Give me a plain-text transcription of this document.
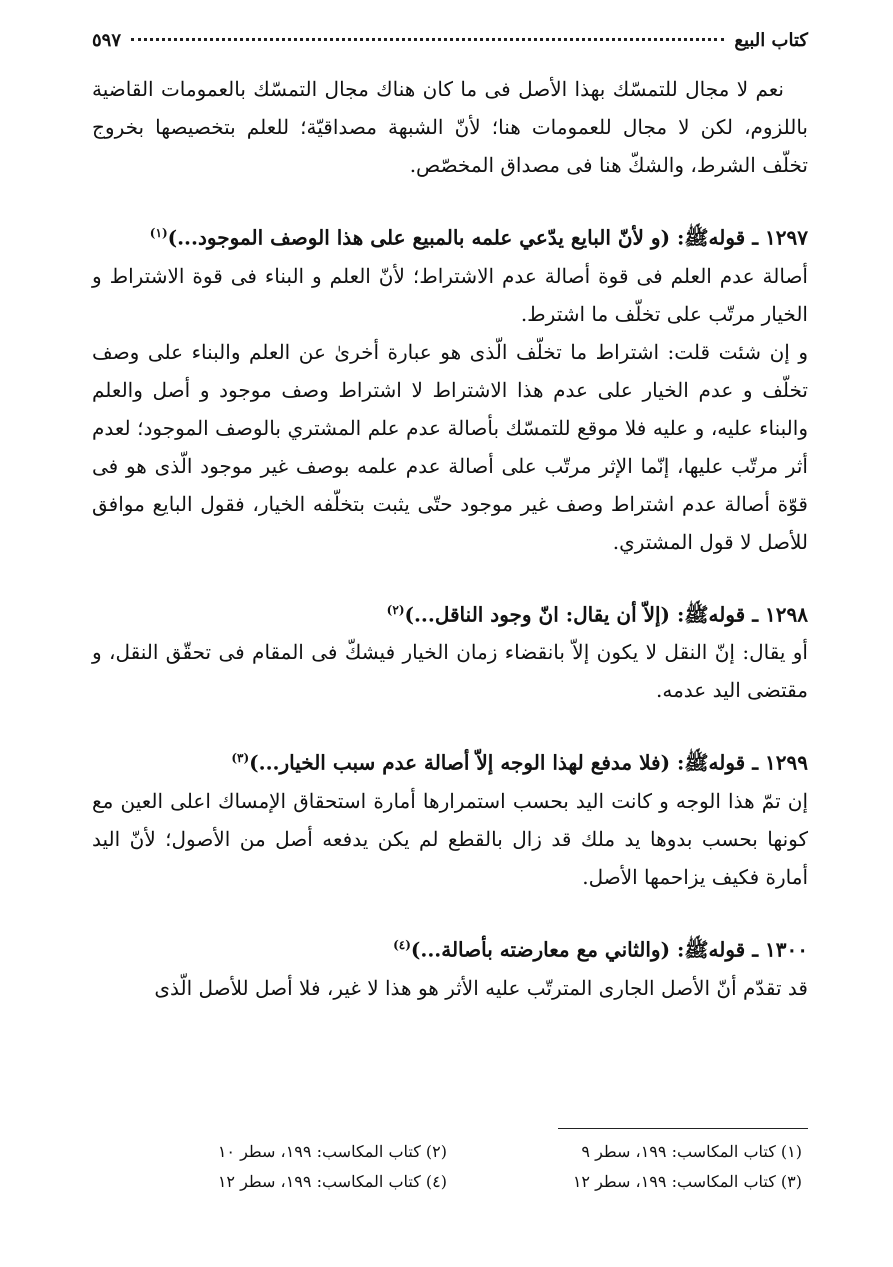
كتاب البيع
٥٩٧

نعم لا مجال للتمسّك بهذا الأصل فى ما كان هناك مجال التمسّك بالعمومات القاضية باللزوم، لكن لا مجال للعمومات هنا؛ لأنّ الشبهة مصداقيّة؛ للعلم بتخصيصها بخروج تخلّف الشرط، والشكّ هنا فى مصداق المخصّص.

١٢٩٧ ـ قولهﷺ: (و لأنّ البايع يدّعي علمه بالمبيع على هذا الوصف الموجود...)$^{(١)}$

أصالة عدم العلم فى قوة أصالة عدم الاشتراط؛ لأنّ العلم و البناء فى قوة الاشتراط و الخيار مرتّب على تخلّف ما اشترط.

و إن شئت قلت: اشتراط ما تخلّف الّذى هو عبارة أخرىٰ عن العلم والبناء على وصف تخلّف و عدم الخيار على عدم هذا الاشتراط لا اشتراط وصف موجود و أصل والعلم والبناء عليه، و عليه فلا موقع للتمسّك بأصالة عدم علم المشتري بالوصف الموجود؛ لعدم أثر مرتّب عليها، إنّما الإثر مرتّب على أصالة عدم علمه بوصف غير موجود الّذى هو فى قوّة أصالة عدم اشتراط وصف غير موجود حتّى يثبت بتخلّفه الخيار، فقول البايع موافق للأصل لا قول المشتري.

١٢٩٨ ـ قولهﷺ: (إلاّ أن يقال: انّ وجود الناقل...)$^{(٢)}$

أو يقال: إنّ النقل لا يكون إلاّ بانقضاء زمان الخيار فيشكّ فى المقام فى تحقّق النقل، و مقتضى اليد عدمه.

١٢٩٩ ـ قولهﷺ: (فلا مدفع لهذا الوجه إلاّ أصالة عدم سبب الخيار...)$^{(٣)}$

إن تمّ هذا الوجه و كانت اليد بحسب استمرارها أمارة استحقاق الإمساك اعلى العين مع كونها بحسب بدوها يد ملك قد زال بالقطع لم يكن يدفعه أصل من الأصول؛ لأنّ اليد أمارة فكيف يزاحمها الأصل.

١٣٠٠ ـ قولهﷺ: (والثاني مع معارضته بأصالة...)$^{(٤)}$

قد تقدّم أنّ الأصل الجارى المترتّب عليه الأثر هو هذا لا غير، فلا أصل للأصل الّذى

(١) كتاب المكاسب: ١٩٩، سطر ٩
(٢) كتاب المكاسب: ١٩٩، سطر ١٠
(٣) كتاب المكاسب: ١٩٩، سطر ١٢
(٤) كتاب المكاسب: ١٩٩، سطر ١٢
